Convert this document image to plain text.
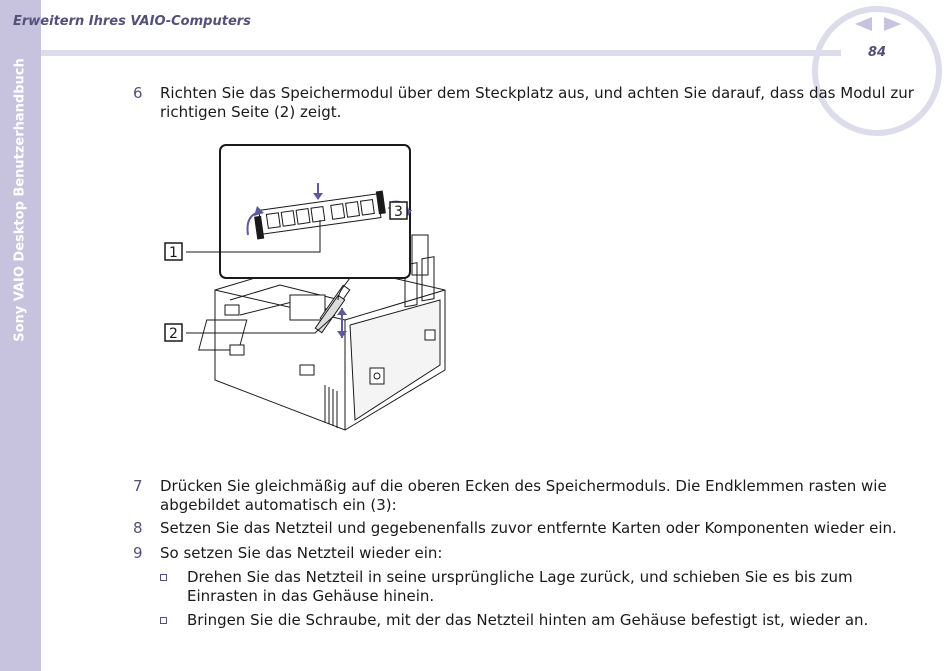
Sony VAIO Desktop Benutzerhandbuch
Erweitern Ihres VAIO-Computers
84
6	Richten Sie das Speichermodul über dem Steckplatz aus, und achten Sie darauf, dass das Modul zur richtigen Seite (2) zeigt.
1
2
3
7	Drücken Sie gleichmäßig auf die oberen Ecken des Speichermoduls. Die Endklemmen rasten wie abgebildet automatisch ein (3):
8	Setzen Sie das Netzteil und gegebenenfalls zuvor entfernte Karten oder Komponenten wieder ein.
9	So setzen Sie das Netzteil wieder ein:
Drehen Sie das Netzteil in seine ursprüngliche Lage zurück, und schieben Sie es bis zum Einrasten in das Gehäuse hinein.
Bringen Sie die Schraube, mit der das Netzteil hinten am Gehäuse befestigt ist, wieder an.
